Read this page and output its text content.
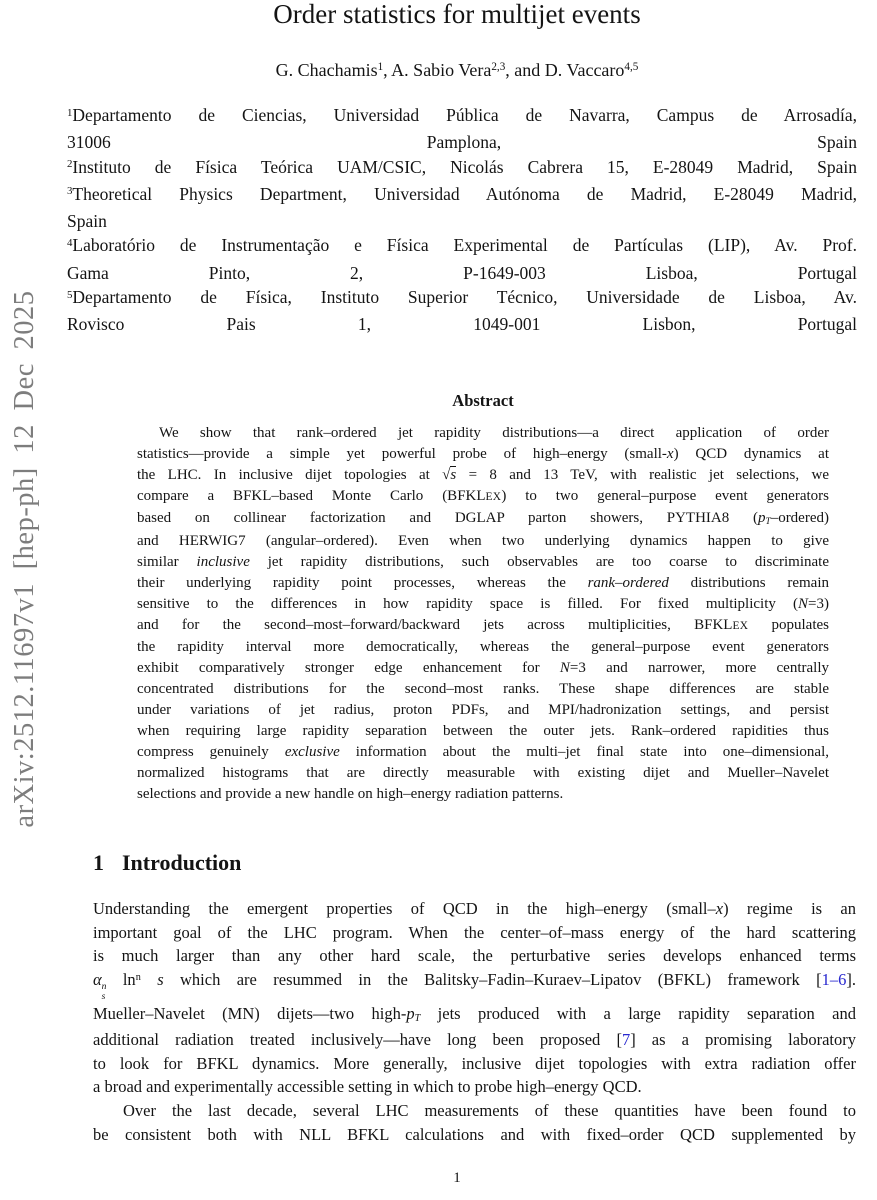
arXiv:2512.11697v1 [hep-ph] 12 Dec 2025
Order statistics for multijet events
G. Chachamis$^1$, A. Sabio Vera$^{2,3}$, and D. Vaccaro$^{4,5}$
$^1$Departamento de Ciencias, Universidad Pública de Navarra, Campus de Arrosadía,
31006 Pamplona, Spain
$^2$Instituto de Física Teórica UAM/CSIC, Nicolás Cabrera 15, E-28049 Madrid, Spain
$^3$Theoretical Physics Department, Universidad Autónoma de Madrid, E-28049 Madrid,
Spain
$^4$Laboratório de Instrumentação e Física Experimental de Partículas (LIP), Av. Prof.
Gama Pinto, 2, P-1649-003 Lisboa, Portugal
$^5$Departamento de Física, Instituto Superior Técnico, Universidade de Lisboa, Av.
Rovisco Pais 1, 1049-001 Lisbon, Portugal
Abstract
We show that rank–ordered jet rapidity distributions—a direct application of order
statistics—provide a simple yet powerful probe of high–energy (small-x) QCD dynamics at
the LHC. In inclusive dijet topologies at √s = 8 and 13 TeV, with realistic jet selections, we
compare a BFKL–based Monte Carlo (BFKLEX) to two general–purpose event generators
based on collinear factorization and DGLAP parton showers, PYTHIA8 (pT–ordered)
and HERWIG7 (angular–ordered). Even when two underlying dynamics happen to give
similar inclusive jet rapidity distributions, such observables are too coarse to discriminate
their underlying rapidity point processes, whereas the rank–ordered distributions remain
sensitive to the differences in how rapidity space is filled. For fixed multiplicity (N=3)
and for the second–most–forward/backward jets across multiplicities, BFKLEX populates
the rapidity interval more democratically, whereas the general–purpose event generators
exhibit comparatively stronger edge enhancement for N=3 and narrower, more centrally
concentrated distributions for the second–most ranks. These shape differences are stable
under variations of jet radius, proton PDFs, and MPI/hadronization settings, and persist
when requiring large rapidity separation between the outer jets. Rank–ordered rapidities thus
compress genuinely exclusive information about the multi–jet final state into one–dimensional,
normalized histograms that are directly measurable with existing dijet and Mueller–Navelet
selections and provide a new handle on high–energy radiation patterns.
1 Introduction
Understanding the emergent properties of QCD in the high–energy (small–x) regime is an
important goal of the LHC program. When the center–of–mass energy of the hard scattering
is much larger than any other hard scale, the perturbative series develops enhanced terms
α n
s
$\ln^n s$ which are resummed in the Balitsky–Fadin–Kuraev–Lipatov (BFKL) framework [1–6].
Mueller–Navelet (MN) dijets—two high-pT jets produced with a large rapidity separation and
additional radiation treated inclusively—have long been proposed [7] as a promising laboratory
to look for BFKL dynamics. More generally, inclusive dijet topologies with extra radiation offer
a broad and experimentally accessible setting in which to probe high–energy QCD.
Over the last decade, several LHC measurements of these quantities have been found to
be consistent both with NLL BFKL calculations and with fixed–order QCD supplemented by
1
